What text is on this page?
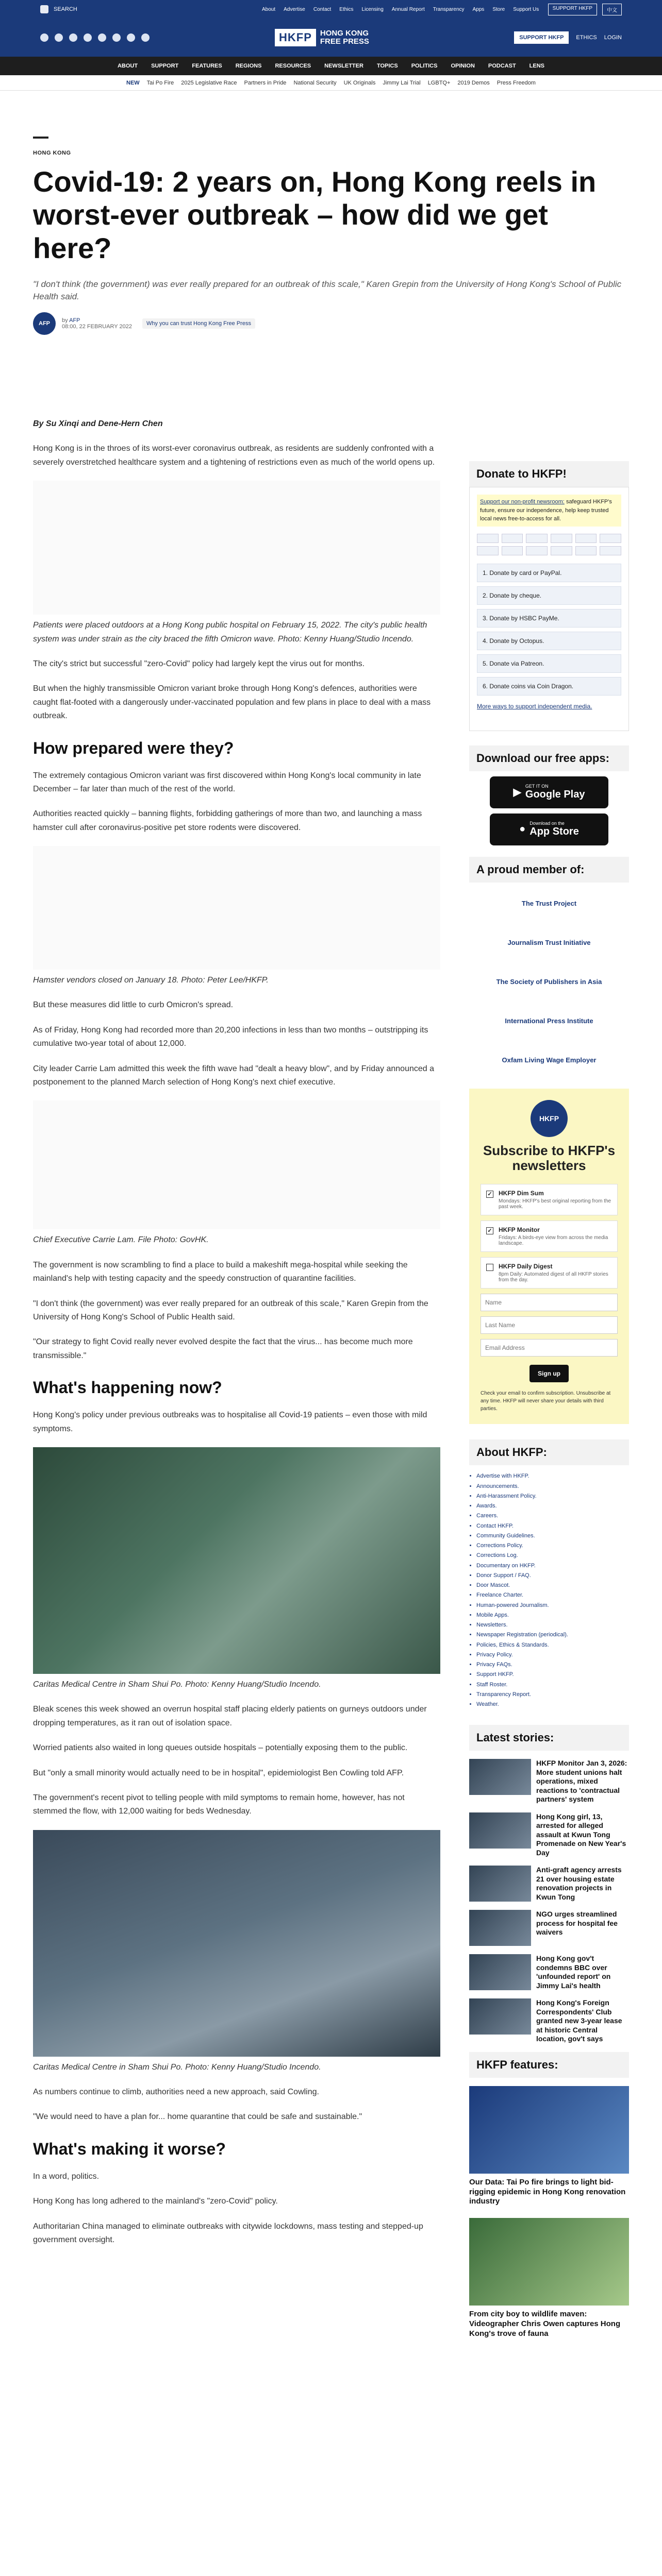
SEARCH	About Advertise Contact Ethics Licensing Annual Report Transparency Apps Store Support Us	SUPPORT HKFP	中文
HKFP	HONG KONG
FREE PRESS	SUPPORT HKFP	ETHICS LOGIN
ABOUT SUPPORT FEATURES REGIONS RESOURCES NEWSLETTER TOPICS POLITICS OPINION PODCAST LENS
NEW Tai Po Fire 2025 Legislative Race Partners in Pride National Security UK Originals Jimmy Lai Trial LGBTQ+ 2019 Demos Press Freedom
HONG KONG
Covid-19: 2 years on, Hong Kong reels in worst-ever outbreak – how did we get here?

"I don't think (the government) was ever really prepared for an outbreak of this scale," Karen Grepin from the University of Hong Kong's School of Public Health said.

AFP	by AFP
08:00, 22 FEBRUARY 2022	Why you can trust Hong Kong Free Press

By Su Xinqi and Dene-Hern Chen

Hong Kong is in the throes of its worst-ever coronavirus outbreak, as residents are suddenly confronted with a severely overstretched healthcare system and a tightening of restrictions even as much of the world opens up.

Patients were placed outdoors at a Hong Kong public hospital on February 15, 2022. The city's public health system was under strain as the city braced the fifth Omicron wave. Photo: Kenny Huang/Studio Incendo.

The city's strict but successful "zero-Covid" policy had largely kept the virus out for months.

But when the highly transmissible Omicron variant broke through Hong Kong's defences, authorities were caught flat-footed with a dangerously under-vaccinated population and few plans in place to deal with a mass outbreak.

How prepared were they?

The extremely contagious Omicron variant was first discovered within Hong Kong's local community in late December – far later than much of the rest of the world.

Authorities reacted quickly – banning flights, forbidding gatherings of more than two, and launching a mass hamster cull after coronavirus-positive pet store rodents were discovered.

Hamster vendors closed on January 18. Photo: Peter Lee/HKFP.

But these measures did little to curb Omicron's spread.

As of Friday, Hong Kong had recorded more than 20,200 infections in less than two months – outstripping its cumulative two-year total of about 12,000.

City leader Carrie Lam admitted this week the fifth wave had "dealt a heavy blow", and by Friday announced a postponement to the planned March selection of Hong Kong's next chief executive.

Chief Executive Carrie Lam. File Photo: GovHK.

The government is now scrambling to find a place to build a makeshift mega-hospital while seeking the mainland's help with testing capacity and the speedy construction of quarantine facilities.

"I don't think (the government) was ever really prepared for an outbreak of this scale," Karen Grepin from the University of Hong Kong's School of Public Health said.

"Our strategy to fight Covid really never evolved despite the fact that the virus... has become much more transmissible."

What's happening now?

Hong Kong's policy under previous outbreaks was to hospitalise all Covid-19 patients – even those with mild symptoms.

Caritas Medical Centre in Sham Shui Po. Photo: Kenny Huang/Studio Incendo.

Bleak scenes this week showed an overrun hospital staff placing elderly patients on gurneys outdoors under dropping temperatures, as it ran out of isolation space.

Worried patients also waited in long queues outside hospitals – potentially exposing them to the public.

But "only a small minority would actually need to be in hospital", epidemiologist Ben Cowling told AFP.

The government's recent pivot to telling people with mild symptoms to remain home, however, has not stemmed the flow, with 12,000 waiting for beds Wednesday.

Caritas Medical Centre in Sham Shui Po. Photo: Kenny Huang/Studio Incendo.

As numbers continue to climb, authorities need a new approach, said Cowling.

"We would need to have a plan for... home quarantine that could be safe and sustainable."

What's making it worse?

In a word, politics.

Hong Kong has long adhered to the mainland's "zero-Covid" policy.

Authoritarian China managed to eliminate outbreaks with citywide lockdowns, mass testing and stepped-up government oversight.

Donate to HKFP!

Support our non-profit newsroom: safeguard HKFP's future, ensure our independence, help keep trusted local news free-to-access for all.

1. Donate by card or PayPal.
2. Donate by cheque.
3. Donate by HSBC PayMe.
4. Donate by Octopus.
5. Donate via Patreon.
6. Donate coins via Coin Dragon.
More ways to support independent media.
Download our free apps:
▶
GET IT ON
Google Play
● Download on the
App Store
A proud member of:
The Trust Project
Journalism Trust Initiative
The Society of Publishers in Asia
International Press Institute
Oxfam Living Wage Employer
HKFP
Subscribe to HKFP's newsletters
✓ HKFP Dim Sum
Mondays: HKFP's best original reporting from the past week.
✓ HKFP Monitor
Fridays: A birds-eye view from across the media landscape.
HKFP Daily Digest
8pm Daily: Automated digest of all HKFP stories from the day.
Name Last Name Email Address
Sign up

Check your email to confirm subscription. Unsubscribe at any time. HKFP will never share your details with third parties.

About HKFP:
• Advertise with HKFP.
• Announcements.
• Anti-Harassment Policy.
• Awards.
• Careers.
• Contact HKFP.
• Community Guidelines.
• Corrections Policy.
• Corrections Log.
• Documentary on HKFP.
• Donor Support / FAQ.
• Door Mascot.
• Freelance Charter.
• Human-powered Journalism.
• Mobile Apps.
• Newsletters.
• Newspaper Registration (periodical).
• Policies, Ethics & Standards.
• Privacy Policy.
• Privacy FAQs.
• Support HKFP.
• Staff Roster.
• Transparency Report.
• Weather.
Latest stories:
HKFP Monitor Jan 3, 2026: More student unions halt operations, mixed reactions to 'contractual partners' system
Hong Kong girl, 13, arrested for alleged assault at Kwun Tong Promenade on New Year's Day
Anti-graft agency arrests 21 over housing estate renovation projects in Kwun Tong
NGO urges streamlined process for hospital fee waivers
Hong Kong gov't condemns BBC over 'unfounded report' on Jimmy Lai's health
Hong Kong's Foreign Correspondents' Club granted new 3-year lease at historic Central location, gov't says
HKFP features:
Our Data: Tai Po fire brings to light bid-rigging epidemic in Hong Kong renovation industry
From city boy to wildlife maven: Videographer Chris Owen captures Hong Kong's trove of fauna
